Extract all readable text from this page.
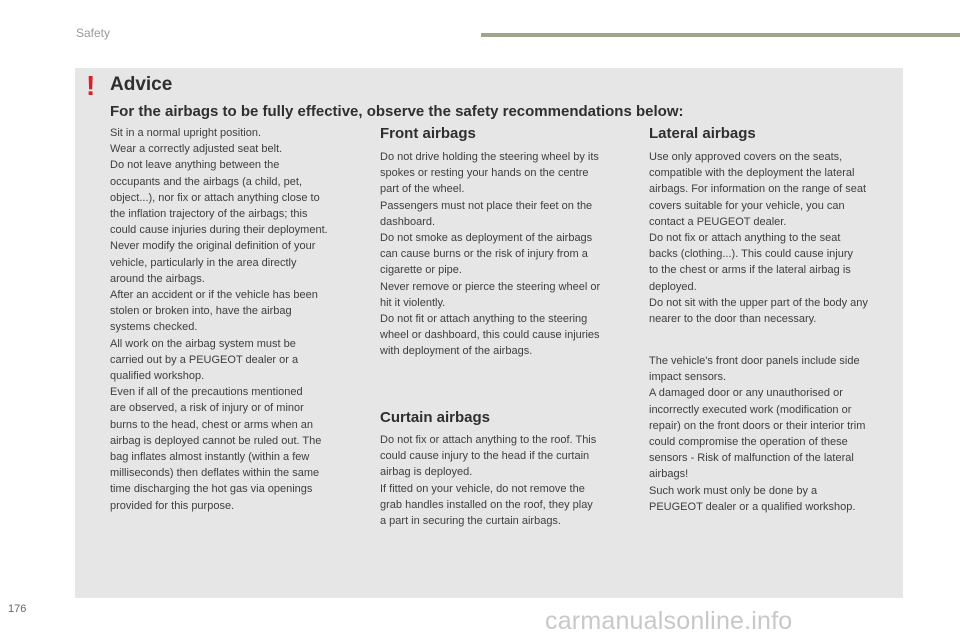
Safety
! Advice
For the airbags to be fully effective, observe the safety recommendations below:

Sit in a normal upright position.

Wear a correctly adjusted seat belt.

Do not leave anything between the

occupants and the airbags (a child, pet,

object...), nor fix or attach anything close to

the inflation trajectory of the airbags; this

could cause injuries during their deployment.

Never modify the original definition of your

vehicle, particularly in the area directly

around the airbags.

After an accident or if the vehicle has been

stolen or broken into, have the airbag

systems checked.

All work on the airbag system must be

carried out by a PEUGEOT dealer or a

qualified workshop.

Even if all of the precautions mentioned

are observed, a risk of injury or of minor

burns to the head, chest or arms when an

airbag is deployed cannot be ruled out. The

bag inflates almost instantly (within a few

milliseconds) then deflates within the same

time discharging the hot gas via openings

provided for this purpose.

Front airbags

Do not drive holding the steering wheel by its

spokes or resting your hands on the centre

part of the wheel.

Passengers must not place their feet on the

dashboard.

Do not smoke as deployment of the airbags

can cause burns or the risk of injury from a

cigarette or pipe.

Never remove or pierce the steering wheel or

hit it violently.

Do not fit or attach anything to the steering

wheel or dashboard, this could cause injuries

with deployment of the airbags.

Curtain airbags

Do not fix or attach anything to the roof. This

could cause injury to the head if the curtain

airbag is deployed.

If fitted on your vehicle, do not remove the

grab handles installed on the roof, they play

a part in securing the curtain airbags.

Lateral airbags

Use only approved covers on the seats,

compatible with the deployment the lateral

airbags. For information on the range of seat

covers suitable for your vehicle, you can

contact a PEUGEOT dealer.

Do not fix or attach anything to the seat

backs (clothing...). This could cause injury

to the chest or arms if the lateral airbag is

deployed.

Do not sit with the upper part of the body any

nearer to the door than necessary.

The vehicle's front door panels include side

impact sensors.

A damaged door or any unauthorised or

incorrectly executed work (modification or

repair) on the front doors or their interior trim

could compromise the operation of these

sensors - Risk of malfunction of the lateral

airbags!

Such work must only be done by a

PEUGEOT dealer or a qualified workshop.

176	carmanualsonline.info
